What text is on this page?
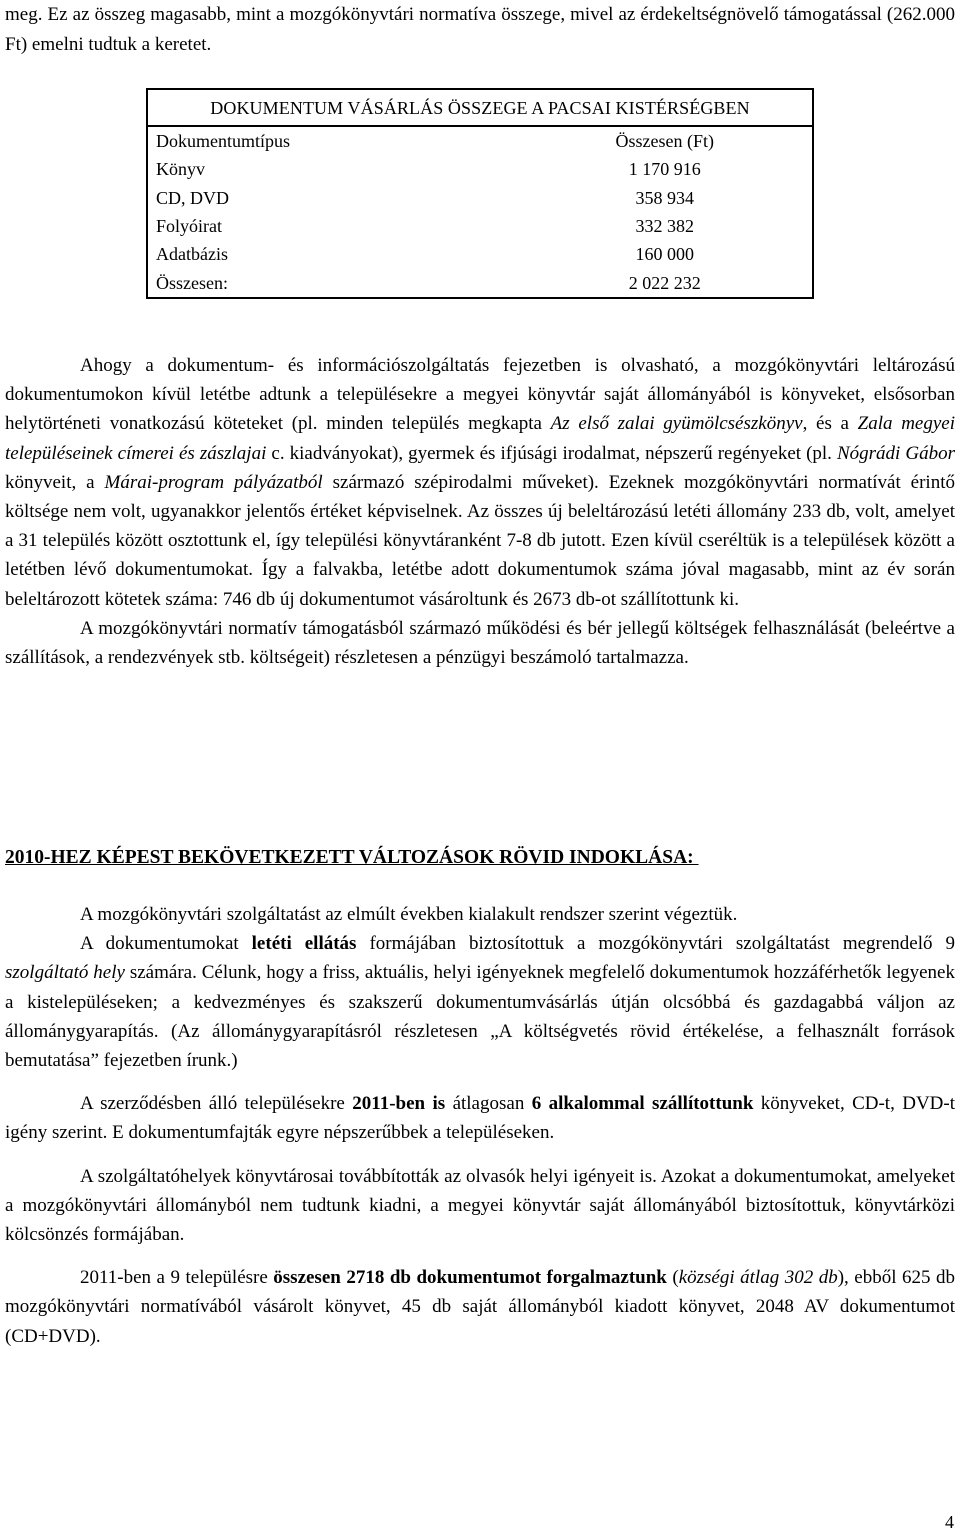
meg. Ez az összeg magasabb, mint a mozgókönyvtári normatíva összege, mivel az érdekeltségnövelő támogatással (262.000 Ft) emelni tudtuk a keretet.

DOKUMENTUM VÁSÁRLÁS ÖSSZEGE A PACSAI KISTÉRSÉGBEN	
Dokumentumtípus	Összesen (Ft)
Könyv	1 170 916
CD, DVD	358 934
Folyóirat	332 382
Adatbázis	160 000
Összesen:	2 022 232

Ahogy a dokumentum- és információszolgáltatás fejezetben is olvasható, a mozgókönyvtári leltározású dokumentumokon kívül letétbe adtunk a településekre a megyei könyvtár saját állományából is könyveket, elsősorban helytörténeti vonatkozású köteteket (pl. minden település megkapta Az első zalai gyümölcsészkönyv, és a Zala megyei településeinek címerei és zászlajai c. kiadványokat), gyermek és ifjúsági irodalmat, népszerű regényeket (pl. Nógrádi Gábor könyveit, a Márai-program pályázatból származó szépirodalmi műveket). Ezeknek mozgókönyvtári normatívát érintő költsége nem volt, ugyanakkor jelentős értéket képviselnek. Az összes új beleltározású letéti állomány 233 db, volt, amelyet a 31 település között osztottunk el, így települési könyvtáranként 7-8 db jutott. Ezen kívül cseréltük is a települések között a letétben lévő dokumentumokat. Így a falvakba, letétbe adott dokumentumok száma jóval magasabb, mint az év során beleltározott kötetek száma: 746 db új dokumentumot vásároltunk és 2673 db-ot szállítottunk ki.

A mozgókönyvtári normatív támogatásból származó működési és bér jellegű költségek felhasználását (beleértve a szállítások, a rendezvények stb. költségeit) részletesen a pénzügyi beszámoló tartalmazza.

2010-HEZ KÉPEST BEKÖVETKEZETT VÁLTOZÁSOK RÖVID INDOKLÁSA:

A mozgókönyvtári szolgáltatást az elmúlt években kialakult rendszer szerint végeztük.

A dokumentumokat letéti ellátás formájában biztosítottuk a mozgókönyvtári szolgáltatást megrendelő 9 szolgáltató hely számára. Célunk, hogy a friss, aktuális, helyi igényeknek megfelelő dokumentumok hozzáférhetők legyenek a kistelepüléseken; a kedvezményes és szakszerű dokumentumvásárlás útján olcsóbbá és gazdagabbá váljon az állománygyarapítás. (Az állománygyarapításról részletesen „A költségvetés rövid értékelése, a felhasznált források bemutatása” fejezetben írunk.)

A szerződésben álló településekre 2011-ben is átlagosan 6 alkalommal szállítottunk könyveket, CD-t, DVD-t igény szerint. E dokumentumfajták egyre népszerűbbek a településeken.

A szolgáltatóhelyek könyvtárosai továbbították az olvasók helyi igényeit is. Azokat a dokumentumokat, amelyeket a mozgókönyvtári állományból nem tudtunk kiadni, a megyei könyvtár saját állományából biztosítottuk, könyvtárközi kölcsönzés formájában.

2011-ben a 9 településre összesen 2718 db dokumentumot forgalmaztunk (községi átlag 302 db), ebből 625 db mozgókönyvtári normatívából vásárolt könyvet, 45 db saját állományból kiadott könyvet, 2048 AV dokumentumot (CD+DVD).

4
